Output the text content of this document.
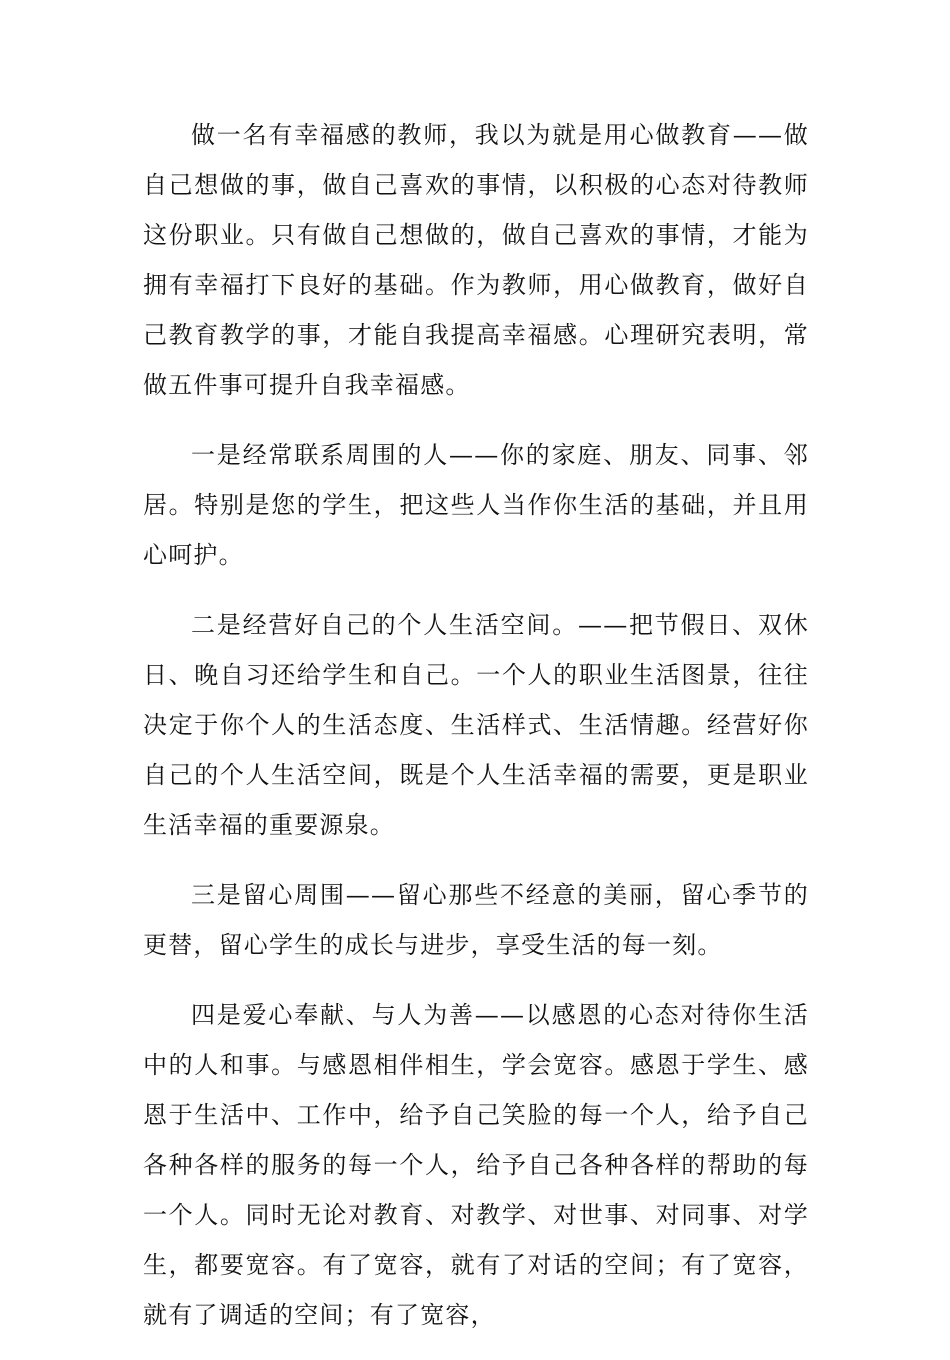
做一名有幸福感的教师，我以为就是用心做教育——做自己想做的事，做自己喜欢的事情，以积极的心态对待教师这份职业。只有做自己想做的，做自己喜欢的事情，才能为拥有幸福打下良好的基础。作为教师，用心做教育，做好自己教育教学的事，才能自我提高幸福感。心理研究表明，常做五件事可提升自我幸福感。

一是经常联系周围的人——你的家庭、朋友、同事、邻居。特别是您的学生，把这些人当作你生活的基础，并且用心呵护。

二是经营好自己的个人生活空间。——把节假日、双休日、晚自习还给学生和自己。一个人的职业生活图景，往往决定于你个人的生活态度、生活样式、生活情趣。经营好你自己的个人生活空间，既是个人生活幸福的需要，更是职业生活幸福的重要源泉。

三是留心周围——留心那些不经意的美丽，留心季节的更替，留心学生的成长与进步，享受生活的每一刻。

四是爱心奉献、与人为善——以感恩的心态对待你生活中的人和事。与感恩相伴相生，学会宽容。感恩于学生、感恩于生活中、工作中，给予自己笑脸的每一个人，给予自己各种各样的服务的每一个人，给予自己各种各样的帮助的每一个人。同时无论对教育、对教学、对世事、对同事、对学生，都要宽容。有了宽容，就有了对话的空间；有了宽容，就有了调适的空间；有了宽容，
